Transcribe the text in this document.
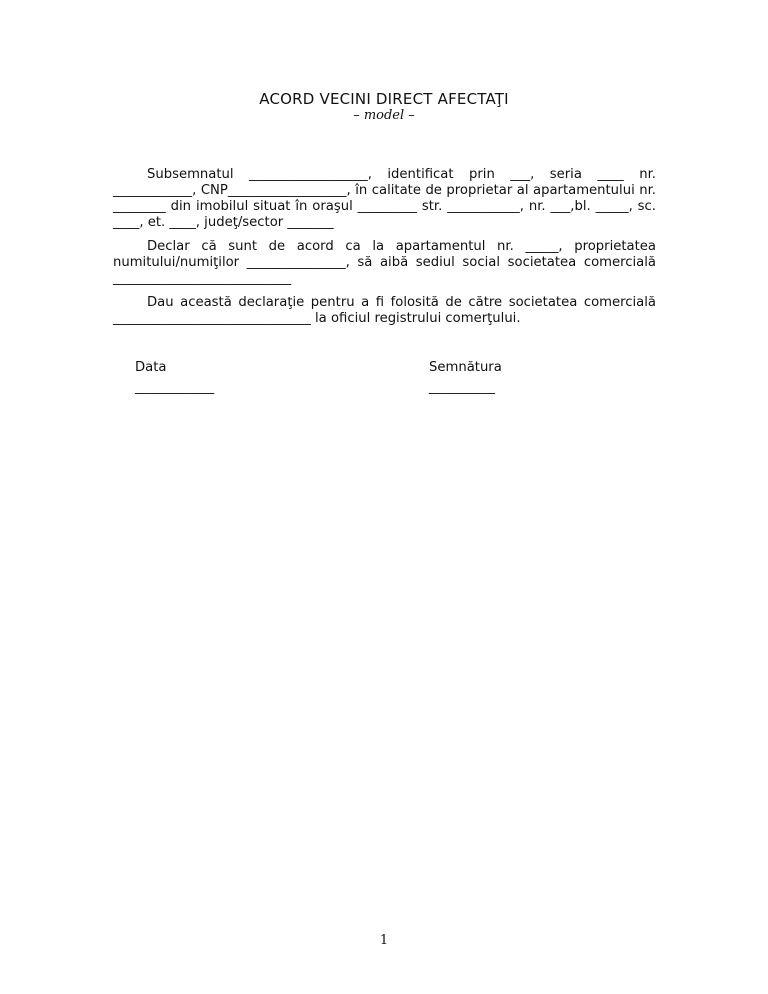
ACORD VECINI DIRECT AFECTAŢI
– model –

Subsemnatul __________________, identificat prin ___, seria ____ nr. ____________, CNP__________________, în calitate de proprietar al apartamentului nr. ________ din imobilul situat în oraşul _________ str. ___________, nr. ___,bl. _____, sc. ____, et. ____, judeţ/sector _______

Declar că sunt de acord ca la apartamentul nr. _____, proprietatea numitului/numiţilor _______________, să aibă sediul social societatea comercială ___________________________

Dau această declaraţie pentru a fi folosită de către societatea comercială ______________________________ la oficiul registrului comerţului.

Data
____________
Semnătura
__________
1
